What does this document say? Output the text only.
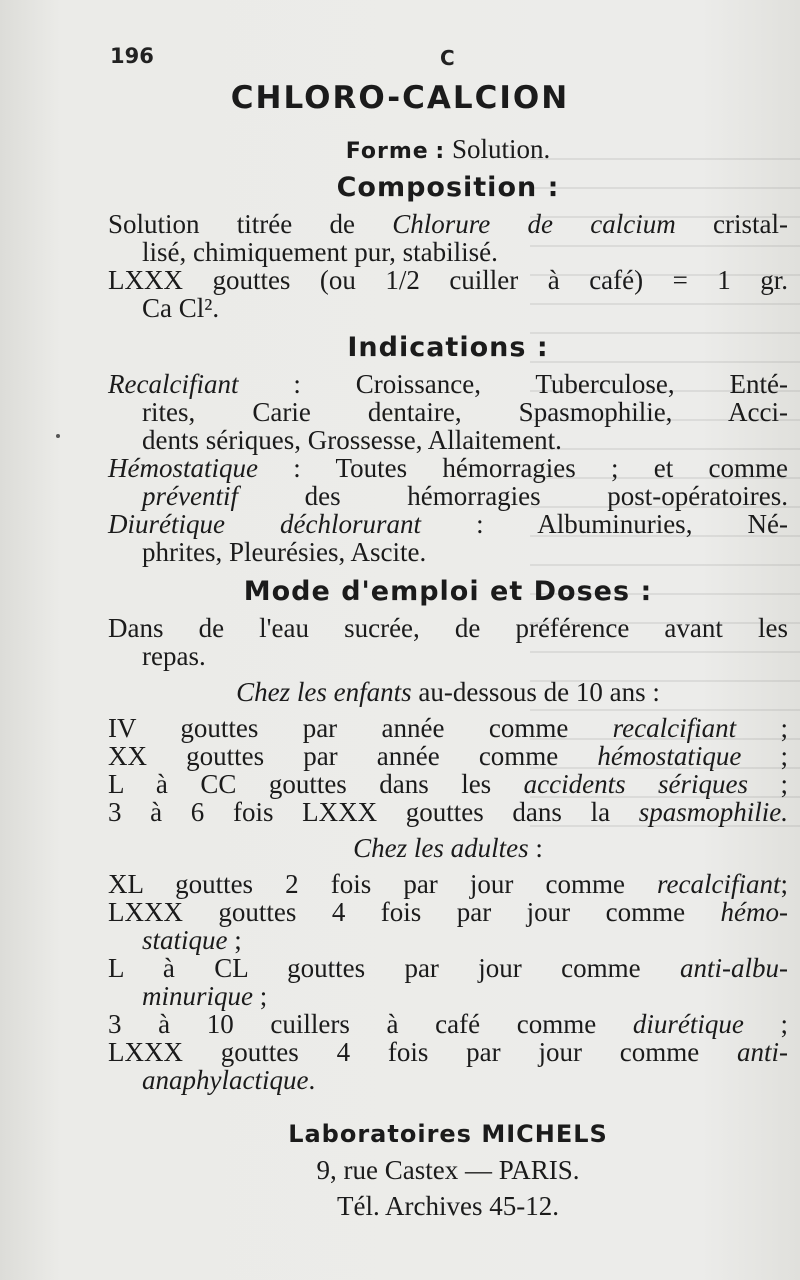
196	C
CHLORO-CALCION
Forme : Solution.
Composition :
Solution titrée de Chlorure de calcium cristal-
lisé, chimiquement pur, stabilisé.
LXXX gouttes (ou 1/2 cuiller à café) = 1 gr.
Ca Cl².
Indications :
Recalcifiant : Croissance, Tuberculose, Enté-
rites, Carie dentaire, Spasmophilie, Acci-
dents sériques, Grossesse, Allaitement.
Hémostatique : Toutes hémorragies ; et comme
préventif des hémorragies post-opératoires.
Diurétique déchlorurant : Albuminuries, Né-
phrites, Pleurésies, Ascite.
Mode d'emploi et Doses :
Dans de l'eau sucrée, de préférence avant les
repas.
Chez les enfants au-dessous de 10 ans :
IV gouttes par année comme recalcifiant ;
XX gouttes par année comme hémostatique ;
L à CC gouttes dans les accidents sériques ;
3 à 6 fois LXXX gouttes dans la spasmophilie.
Chez les adultes :
XL gouttes 2 fois par jour comme recalcifiant;
LXXX gouttes 4 fois par jour comme hémo-
statique ;
L à CL gouttes par jour comme anti-albu-
minurique ;
3 à 10 cuillers à café comme diurétique ;
LXXX gouttes 4 fois par jour comme anti-
anaphylactique.
Laboratoires MICHELS
9, rue Castex — PARIS.
Tél. Archives 45-12.
